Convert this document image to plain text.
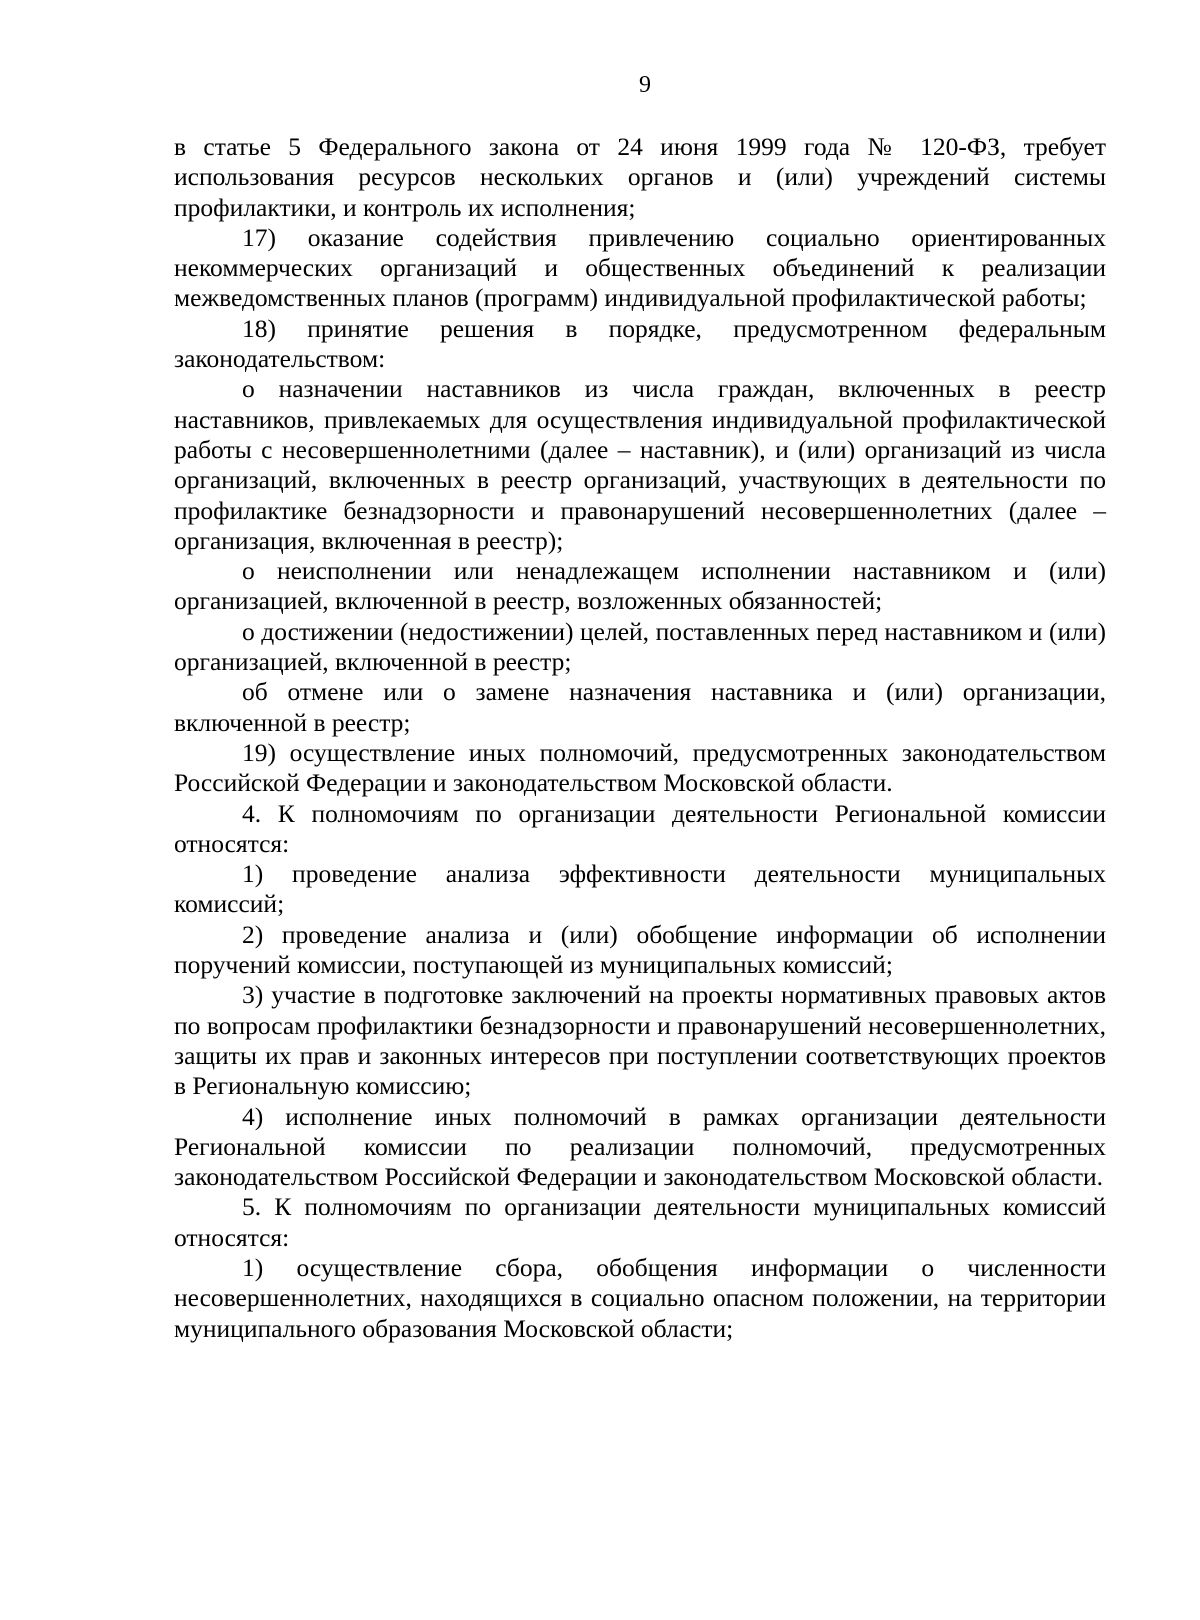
9

в статье 5 Федерального закона от 24 июня 1999 года № 120-ФЗ, требует использования ресурсов нескольких органов и (или) учреждений системы профилактики, и контроль их исполнения;

17) оказание содействия привлечению социально ориентированных некоммерческих организаций и общественных объединений к реализации межведомственных планов (программ) индивидуальной профилактической работы;

18) принятие решения в порядке, предусмотренном федеральным законодательством:

о назначении наставников из числа граждан, включенных в реестр наставников, привлекаемых для осуществления индивидуальной профилактической работы с несовершеннолетними (далее – наставник), и (или) организаций из числа организаций, включенных в реестр организаций, участвующих в деятельности по профилактике безнадзорности и правонарушений несовершеннолетних (далее – организация, включенная в реестр);

о неисполнении или ненадлежащем исполнении наставником и (или) организацией, включенной в реестр, возложенных обязанностей;

о достижении (недостижении) целей, поставленных перед наставником и (или) организацией, включенной в реестр;

об отмене или о замене назначения наставника и (или) организации, включенной в реестр;

19) осуществление иных полномочий, предусмотренных законодательством Российской Федерации и законодательством Московской области.

4. К полномочиям по организации деятельности Региональной комиссии относятся:

1) проведение анализа эффективности деятельности муниципальных комиссий;

2) проведение анализа и (или) обобщение информации об исполнении поручений комиссии, поступающей из муниципальных комиссий;

3) участие в подготовке заключений на проекты нормативных правовых актов по вопросам профилактики безнадзорности и правонарушений несовершеннолетних, защиты их прав и законных интересов при поступлении соответствующих проектов в Региональную комиссию;

4) исполнение иных полномочий в рамках организации деятельности Региональной комиссии по реализации полномочий, предусмотренных законодательством Российской Федерации и законодательством Московской области.

5. К полномочиям по организации деятельности муниципальных комиссий относятся:

1) осуществление сбора, обобщения информации о численности несовершеннолетних, находящихся в социально опасном положении, на территории муниципального образования Московской области;
